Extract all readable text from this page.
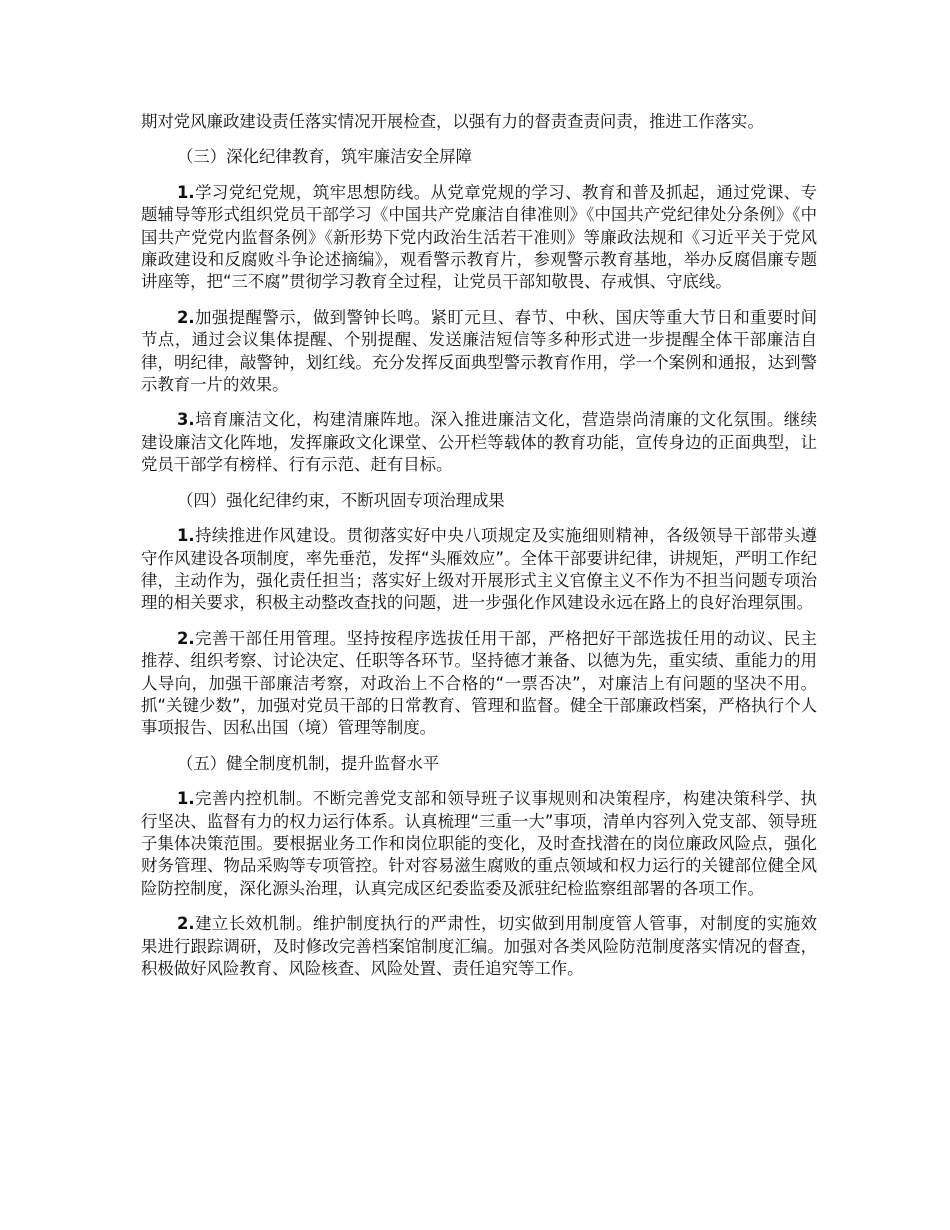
期对党风廉政建设责任落实情况开展检查，以强有力的督责查责问责，推进工作落实。

（三）深化纪律教育，筑牢廉洁安全屏障

1.学习党纪党规，筑牢思想防线。从党章党规的学习、教育和普及抓起，通过党课、专题辅导等形式组织党员干部学习《中国共产党廉洁自律准则》《中国共产党纪律处分条例》《中国共产党党内监督条例》《新形势下党内政治生活若干准则》等廉政法规和《习近平关于党风廉政建设和反腐败斗争论述摘编》，观看警示教育片，参观警示教育基地，举办反腐倡廉专题讲座等，把“三不腐”贯彻学习教育全过程，让党员干部知敬畏、存戒惧、守底线。

2.加强提醒警示，做到警钟长鸣。紧盯元旦、春节、中秋、国庆等重大节日和重要时间节点，通过会议集体提醒、个别提醒、发送廉洁短信等多种形式进一步提醒全体干部廉洁自律，明纪律，敲警钟，划红线。充分发挥反面典型警示教育作用，学一个案例和通报，达到警示教育一片的效果。

3.培育廉洁文化，构建清廉阵地。深入推进廉洁文化，营造崇尚清廉的文化氛围。继续建设廉洁文化阵地，发挥廉政文化课堂、公开栏等载体的教育功能，宣传身边的正面典型，让党员干部学有榜样、行有示范、赶有目标。

（四）强化纪律约束，不断巩固专项治理成果

1.持续推进作风建设。贯彻落实好中央八项规定及实施细则精神，各级领导干部带头遵守作风建设各项制度，率先垂范，发挥“头雁效应”。全体干部要讲纪律，讲规矩，严明工作纪律，主动作为，强化责任担当；落实好上级对开展形式主义官僚主义不作为不担当问题专项治理的相关要求，积极主动整改查找的问题，进一步强化作风建设永远在路上的良好治理氛围。

2.完善干部任用管理。坚持按程序选拔任用干部，严格把好干部选拔任用的动议、民主推荐、组织考察、讨论决定、任职等各环节。坚持德才兼备、以德为先，重实绩、重能力的用人导向，加强干部廉洁考察，对政治上不合格的“一票否决”，对廉洁上有问题的坚决不用。抓“关键少数”，加强对党员干部的日常教育、管理和监督。健全干部廉政档案，严格执行个人事项报告、因私出国（境）管理等制度。

（五）健全制度机制，提升监督水平

1.完善内控机制。不断完善党支部和领导班子议事规则和决策程序，构建决策科学、执行坚决、监督有力的权力运行体系。认真梳理“三重一大”事项，清单内容列入党支部、领导班子集体决策范围。要根据业务工作和岗位职能的变化，及时查找潜在的岗位廉政风险点，强化财务管理、物品采购等专项管控。针对容易滋生腐败的重点领域和权力运行的关键部位健全风险防控制度，深化源头治理，认真完成区纪委监委及派驻纪检监察组部署的各项工作。

2.建立长效机制。维护制度执行的严肃性，切实做到用制度管人管事，对制度的实施效果进行跟踪调研，及时修改完善档案馆制度汇编。加强对各类风险防范制度落实情况的督查，积极做好风险教育、风险核查、风险处置、责任追究等工作。
